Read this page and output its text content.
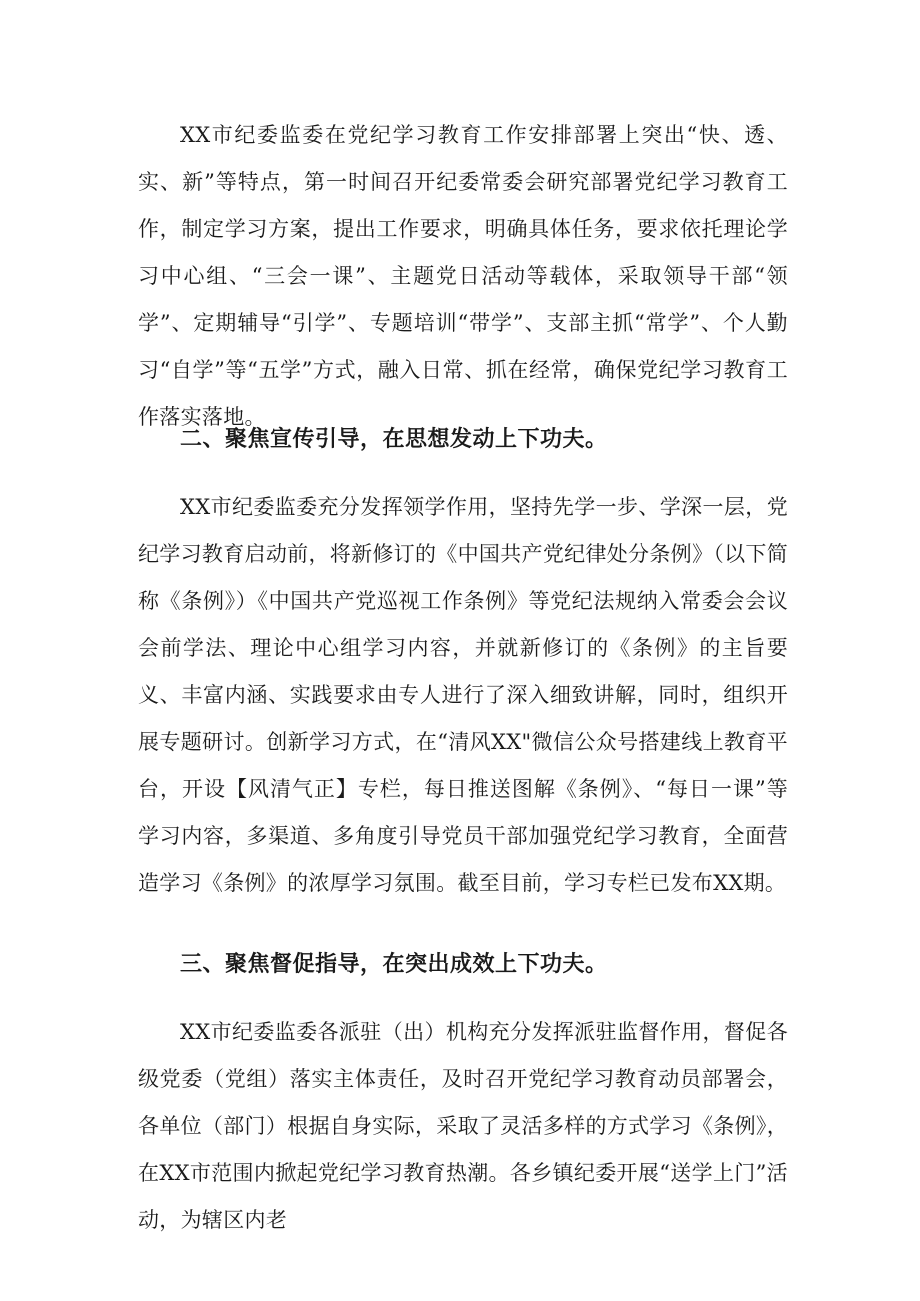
XX市纪委监委在党纪学习教育工作安排部署上突出“快、透、实、新”等特点，第一时间召开纪委常委会研究部署党纪学习教育工作，制定学习方案，提出工作要求，明确具体任务，要求依托理论学习中心组、“三会一课”、主题党日活动等载体，采取领导干部“领学”、定期辅导“引学”、专题培训“带学”、支部主抓“常学”、个人勤习“自学”等“五学”方式，融入日常、抓在经常，确保党纪学习教育工作落实落地。

二、聚焦宣传引导，在思想发动上下功夫。

XX市纪委监委充分发挥领学作用，坚持先学一步、学深一层，党纪学习教育启动前，将新修订的《中国共产党纪律处分条例》（以下简称《条例》）《中国共产党巡视工作条例》等党纪法规纳入常委会会议会前学法、理论中心组学习内容，并就新修订的《条例》的主旨要义、丰富内涵、实践要求由专人进行了深入细致讲解，同时，组织开展专题研讨。创新学习方式，在“清风XX"微信公众号搭建线上教育平台，开设【风清气正】专栏，每日推送图解《条例》、“每日一课”等学习内容，多渠道、多角度引导党员干部加强党纪学习教育，全面营造学习《条例》的浓厚学习氛围。截至目前，学习专栏已发布XX期。

三、聚焦督促指导，在突出成效上下功夫。

XX市纪委监委各派驻（出）机构充分发挥派驻监督作用，督促各级党委（党组）落实主体责任，及时召开党纪学习教育动员部署会，各单位（部门）根据自身实际，采取了灵活多样的方式学习《条例》，在XX市范围内掀起党纪学习教育热潮。各乡镇纪委开展“送学上门”活动，为辖区内老
